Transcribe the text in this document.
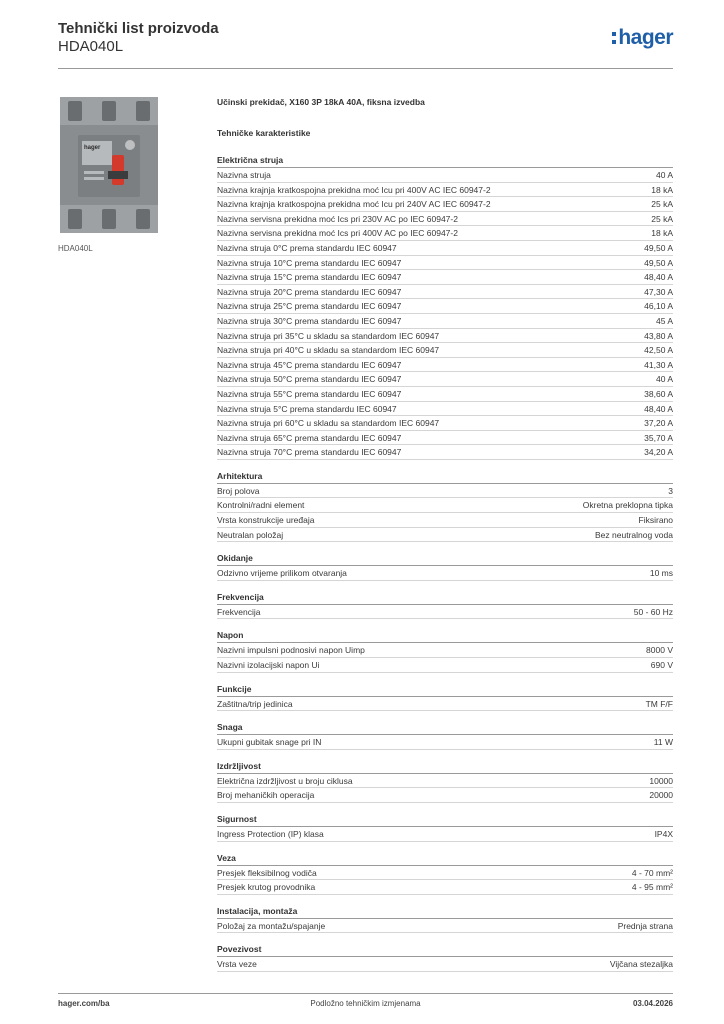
Tehnički list proizvoda
HDA040L	hager
hager
HDA040L
Učinski prekidač, X160 3P 18kA 40A, fiksna izvedba
Tehničke karakteristike
Električna struja
Nazivna struja	40 A
Nazivna krajnja kratkospojna prekidna moć Icu pri 400V AC IEC 60947-2	18 kA
Nazivna krajnja kratkospojna prekidna moć Icu pri 240V AC IEC 60947-2	25 kA
Nazivna servisna prekidna moć Ics pri 230V AC po IEC 60947-2	25 kA
Nazivna servisna prekidna moć Ics pri 400V AC po IEC 60947-2	18 kA
Nazivna struja 0°C prema standardu IEC 60947	49,50 A
Nazivna struja 10°C prema standardu IEC 60947	49,50 A
Nazivna struja 15°C prema standardu IEC 60947	48,40 A
Nazivna struja 20°C prema standardu IEC 60947	47,30 A
Nazivna struja 25°C prema standardu IEC 60947	46,10 A
Nazivna struja 30°C prema standardu IEC 60947	45 A
Nazivna struja pri 35°C u skladu sa standardom IEC 60947	43,80 A
Nazivna struja pri 40°C u skladu sa standardom IEC 60947	42,50 A
Nazivna struja 45°C prema standardu IEC 60947	41,30 A
Nazivna struja 50°C prema standardu IEC 60947	40 A
Nazivna struja 55°C prema standardu IEC 60947	38,60 A
Nazivna struja 5°C prema standardu IEC 60947	48,40 A
Nazivna struja pri 60°C u skladu sa standardom IEC 60947	37,20 A
Nazivna struja 65°C prema standardu IEC 60947	35,70 A
Nazivna struja 70°C prema standardu IEC 60947	34,20 A
Arhitektura
Broj polova	3
Kontrolni/radni element	Okretna preklopna tipka
Vrsta konstrukcije uređaja	Fiksirano
Neutralan položaj	Bez neutralnog voda
Okidanje
Odzivno vrijeme prilikom otvaranja	10 ms
Frekvencija
Frekvencija	50 - 60 Hz
Napon
Nazivni impulsni podnosivi napon Uimp	8000 V
Nazivni izolacijski napon Ui	690 V
Funkcije
Zaštitna/trip jedinica	TM F/F
Snaga
Ukupni gubitak snage pri IN	11 W
Izdržljivost
Električna izdržljivost u broju ciklusa	10000
Broj mehaničkih operacija	20000
Sigurnost
Ingress Protection (IP) klasa	IP4X
Veza
Presjek fleksibilnog vodiča	4 - 70 mm²
Presjek krutog provodnika	4 - 95 mm²
Instalacija, montaža
Položaj za montažu/spajanje	Prednja strana
Povezivost
Vrsta veze	Vijčana stezaljka
hager.com/ba	Podložno tehničkim izmjenama	03.04.2026
